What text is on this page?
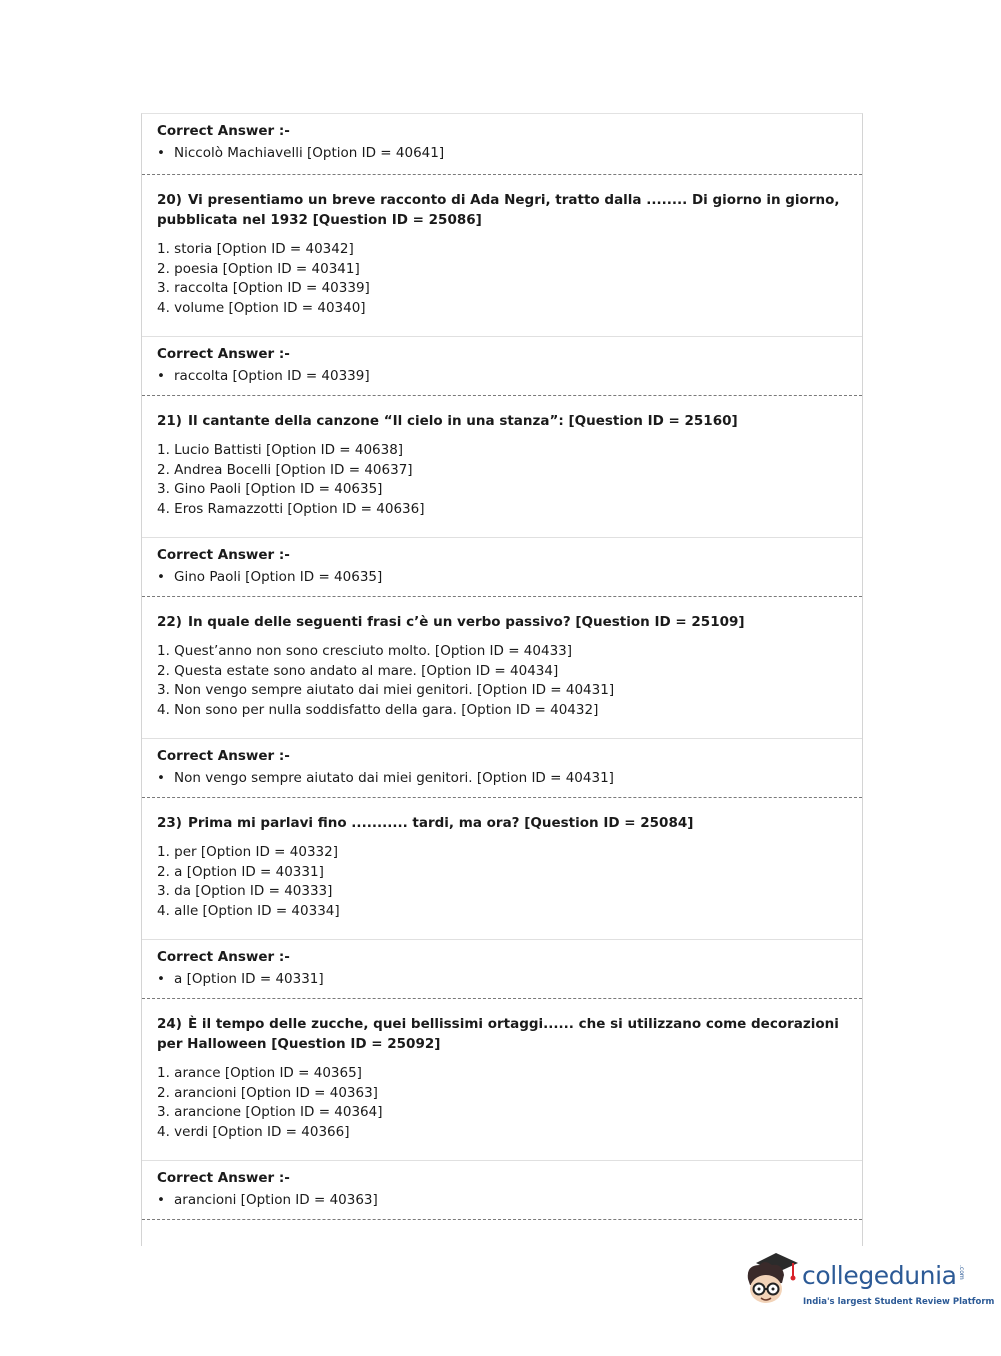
Correct Answer :-
• Niccolò Machiavelli [Option ID = 40641]
20) Vi presentiamo un breve racconto di Ada Negri, tratto dalla ........ Di giorno in giorno, pubblicata nel 1932 [Question ID = 25086]
1. storia [Option ID = 40342]
2. poesia [Option ID = 40341]
3. raccolta [Option ID = 40339]
4. volume [Option ID = 40340]
Correct Answer :-
• raccolta [Option ID = 40339]
21) Il cantante della canzone “Il cielo in una stanza”: [Question ID = 25160]
1. Lucio Battisti [Option ID = 40638]
2. Andrea Bocelli [Option ID = 40637]
3. Gino Paoli [Option ID = 40635]
4. Eros Ramazzotti [Option ID = 40636]
Correct Answer :-
• Gino Paoli [Option ID = 40635]
22) In quale delle seguenti frasi c’è un verbo passivo? [Question ID = 25109]
1. Quest’anno non sono cresciuto molto. [Option ID = 40433]
2. Questa estate sono andato al mare. [Option ID = 40434]
3. Non vengo sempre aiutato dai miei genitori. [Option ID = 40431]
4. Non sono per nulla soddisfatto della gara. [Option ID = 40432]
Correct Answer :-
• Non vengo sempre aiutato dai miei genitori. [Option ID = 40431]
23) Prima mi parlavi fino ........... tardi, ma ora? [Question ID = 25084]
1. per [Option ID = 40332]
2. a [Option ID = 40331]
3. da [Option ID = 40333]
4. alle [Option ID = 40334]
Correct Answer :-
• a [Option ID = 40331]
24) È il tempo delle zucche, quei bellissimi ortaggi...... che si utilizzano come decorazioni per Halloween [Question ID = 25092]
1. arance [Option ID = 40365]
2. arancioni [Option ID = 40363]
3. arancione [Option ID = 40364]
4. verdi [Option ID = 40366]
Correct Answer :-
• arancioni [Option ID = 40363]
collegedunia .com
India's largest Student Review Platform
